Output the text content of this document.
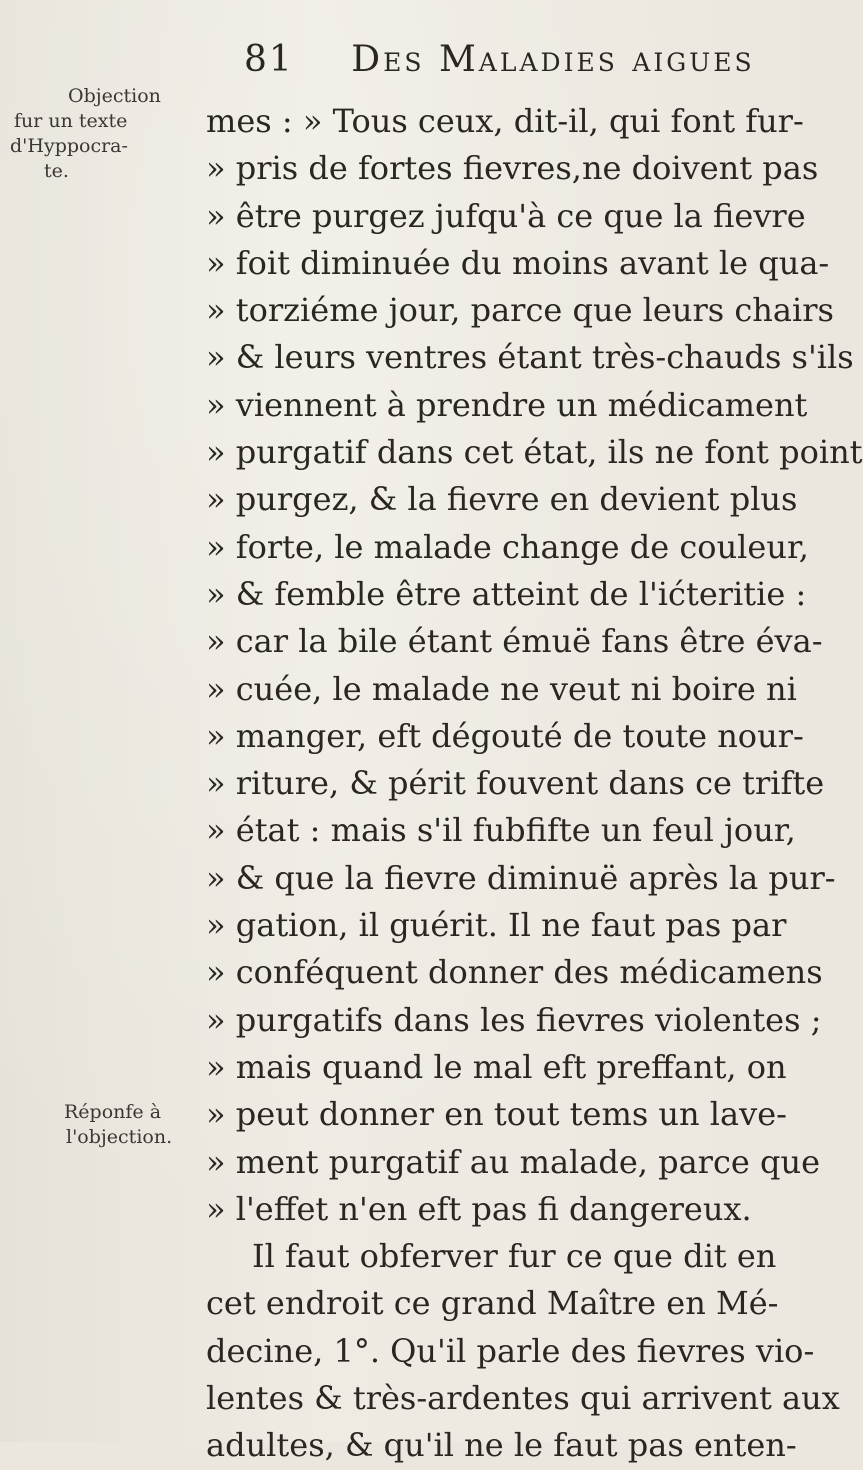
81 Des Maladies aigues
Objection
fur un texte
d'Hyppocra-
te.
Réponfe à
l'objection.
mes : » Tous ceux, dit-il, qui font fur-
» pris de fortes fievres,ne doivent pas
» être purgez jufqu'à ce que la fievre
» foit diminuée du moins avant le qua-
» torziéme jour, parce que leurs chairs
» & leurs ventres étant très-chauds s'ils
» viennent à prendre un médicament
» purgatif dans cet état, ils ne font point
» purgez, & la fievre en devient plus
» forte, le malade change de couleur,
» & femble être atteint de l'ićteritie :
» car la bile étant émuë fans être éva-
» cuée, le malade ne veut ni boire ni
» manger, eft dégouté de toute nour-
» riture, & périt fouvent dans ce trifte
» état : mais s'il fubfifte un feul jour,
» & que la fievre diminuë après la pur-
» gation, il guérit. Il ne faut pas par
» conféquent donner des médicamens
» purgatifs dans les fievres violentes ;
» mais quand le mal eft preffant, on
» peut donner en tout tems un lave-
» ment purgatif au malade, parce que
» l'effet n'en eft pas fi dangereux.
Il faut obferver fur ce que dit en
cet endroit ce grand Maître en Mé-
decine, 1°. Qu'il parle des fievres vio-
lentes & très-ardentes qui arrivent aux
adultes, & qu'il ne le faut pas enten-
